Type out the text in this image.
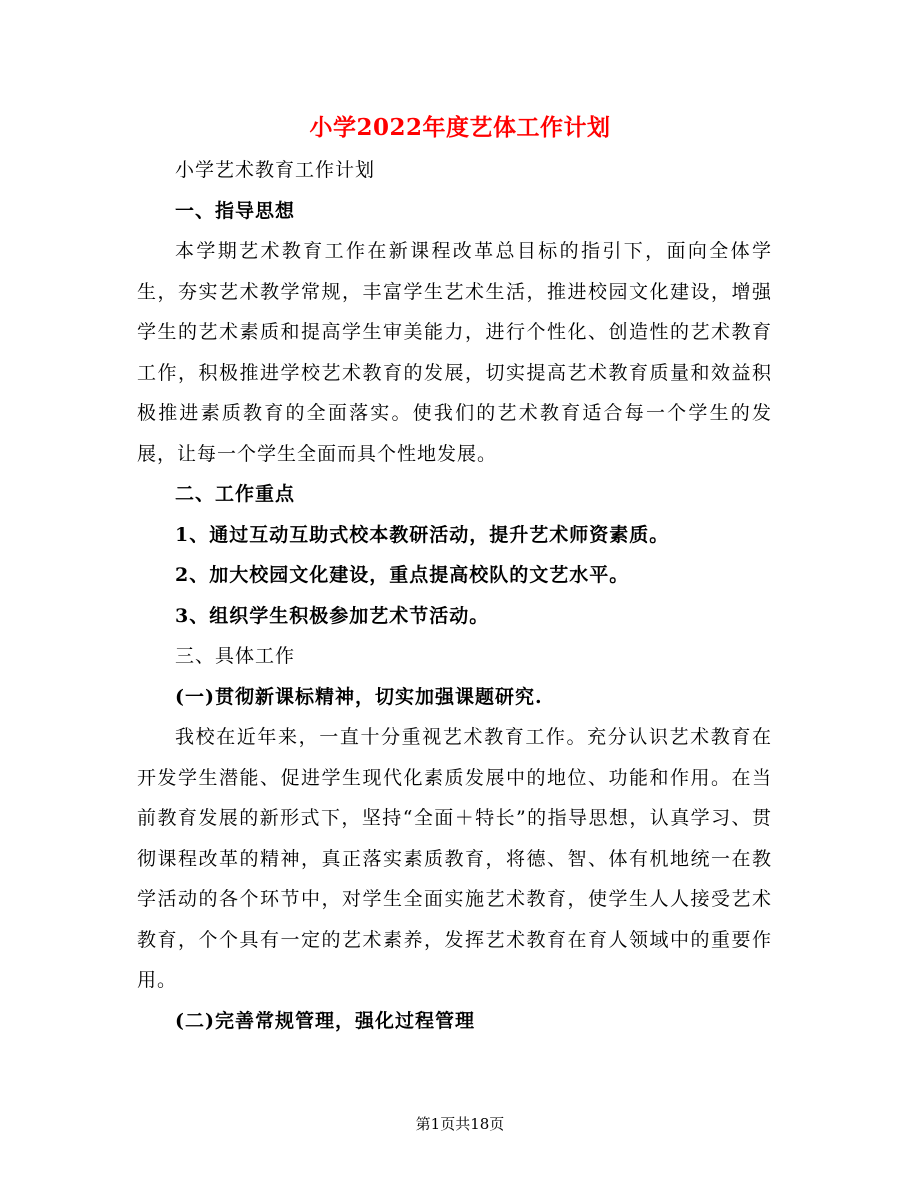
小学2022年度艺体工作计划

小学艺术教育工作计划

一、指导思想

本学期艺术教育工作在新课程改革总目标的指引下，面向全体学生，夯实艺术教学常规，丰富学生艺术生活，推进校园文化建设，增强学生的艺术素质和提高学生审美能力，进行个性化、创造性的艺术教育工作，积极推进学校艺术教育的发展，切实提高艺术教育质量和效益积极推进素质教育的全面落实。使我们的艺术教育适合每一个学生的发展，让每一个学生全面而具个性地发展。

二、工作重点

1、通过互动互助式校本教研活动，提升艺术师资素质。

2、加大校园文化建设，重点提高校队的文艺水平。

3、组织学生积极参加艺术节活动。

三、具体工作

(一)贯彻新课标精神，切实加强课题研究.

我校在近年来，一直十分重视艺术教育工作。充分认识艺术教育在开发学生潜能、促进学生现代化素质发展中的地位、功能和作用。在当前教育发展的新形式下，坚持“全面＋特长”的指导思想，认真学习、贯彻课程改革的精神，真正落实素质教育，将德、智、体有机地统一在教学活动的各个环节中，对学生全面实施艺术教育，使学生人人接受艺术教育，个个具有一定的艺术素养，发挥艺术教育在育人领域中的重要作用。

(二)完善常规管理，强化过程管理

第1页共18页
